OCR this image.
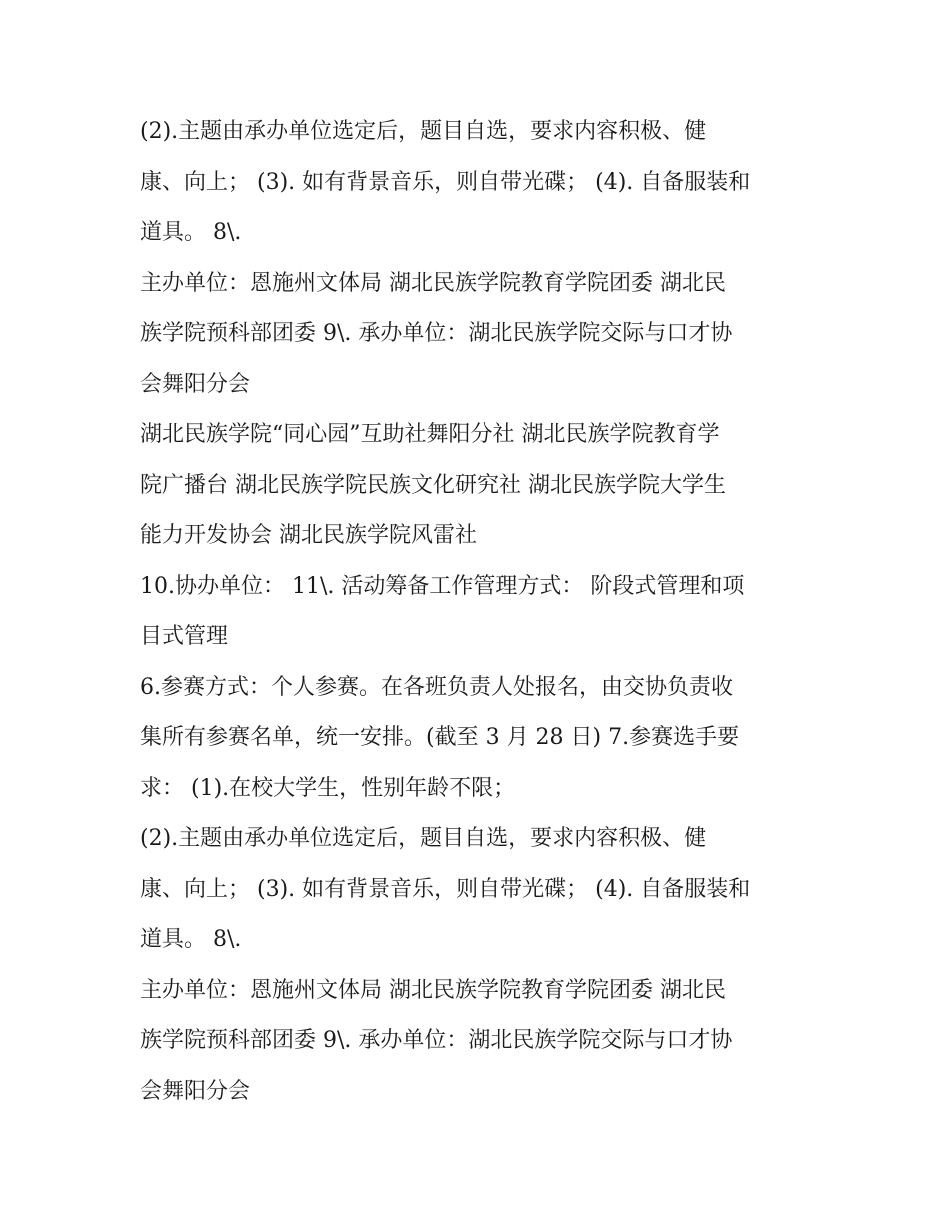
(2).主题由承办单位选定后，题目自选，要求内容积极、健

康、向上； (3). 如有背景音乐，则自带光碟； (4). 自备服装和

道具。 8\.

主办单位：恩施州文体局 湖北民族学院教育学院团委 湖北民

族学院预科部团委 9\. 承办单位：湖北民族学院交际与口才协

会舞阳分会

湖北民族学院“同心园”互助社舞阳分社 湖北民族学院教育学

院广播台 湖北民族学院民族文化研究社 湖北民族学院大学生

能力开发协会 湖北民族学院风雷社

10.协办单位： 11\. 活动筹备工作管理方式： 阶段式管理和项

目式管理

6.参赛方式：个人参赛。在各班负责人处报名，由交协负责收

集所有参赛名单，统一安排。(截至 3 月 28 日) 7.参赛选手要

求： (1).在校大学生，性别年龄不限；

(2).主题由承办单位选定后，题目自选，要求内容积极、健

康、向上； (3). 如有背景音乐，则自带光碟； (4). 自备服装和

道具。 8\.

主办单位：恩施州文体局 湖北民族学院教育学院团委 湖北民

族学院预科部团委 9\. 承办单位：湖北民族学院交际与口才协

会舞阳分会
